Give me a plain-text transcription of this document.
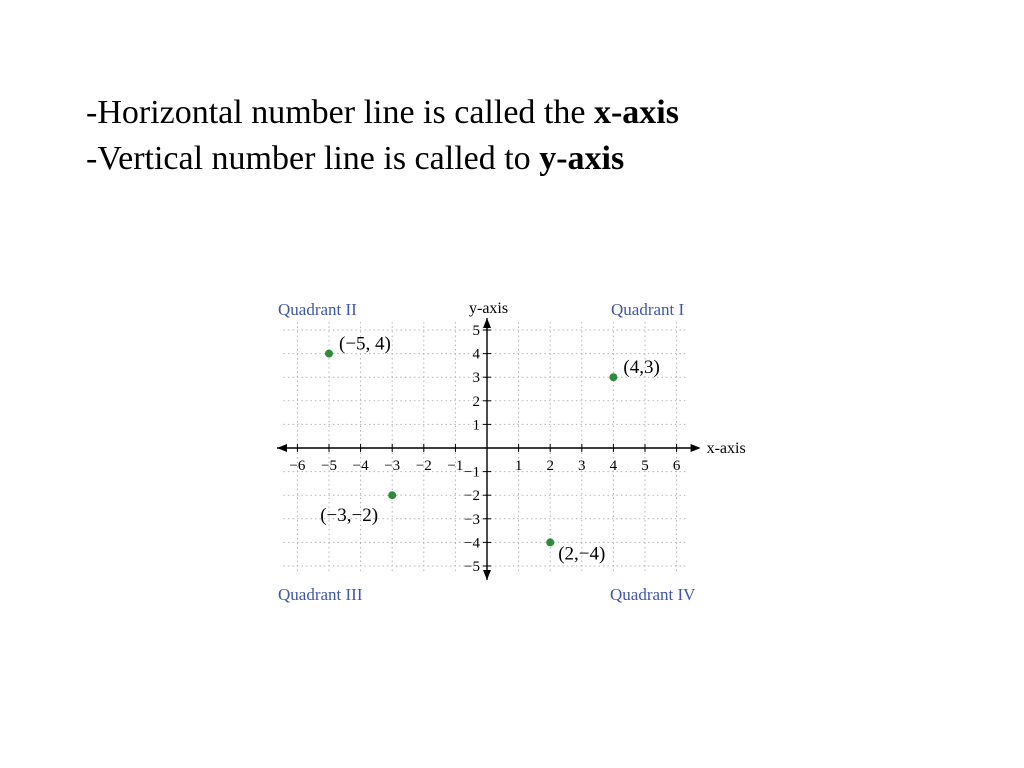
-Horizontal number line is called the x-axis
-Vertical number line is called to y-axis
x-axis
y-axis
−6 −5 −4 −3 −2 −1	1 2 3 4 5 6
5
4
3
2
1
−1
−2
−3
−4
−5
Quadrant II	Quadrant I
Quadrant III	Quadrant IV
(−5, 4)
(4,3)
(−3,−2)
(2,−4)
